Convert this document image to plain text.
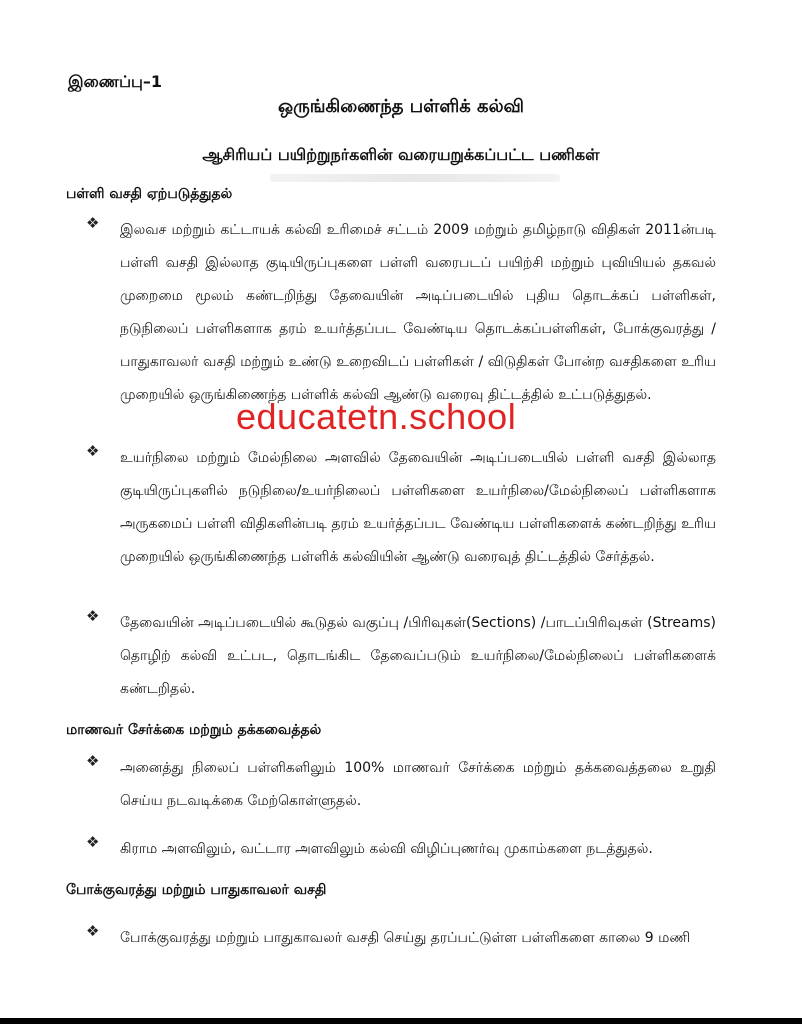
இணைப்பு–1
ஒருங்கிணைந்த பள்ளிக் கல்வி
ஆசிரியப் பயிற்றுநர்களின் வரையறுக்கப்பட்ட பணிகள்
பள்ளி வசதி ஏற்படுத்துதல்
❖ இலவச மற்றும் கட்டாயக் கல்வி உரிமைச் சட்டம் 2009 மற்றும் தமிழ்நாடு விதிகள் 2011ன்படி பள்ளி வசதி இல்லாத குடியிருப்புகளை பள்ளி வரைபடப் பயிற்சி மற்றும் புவியியல் தகவல் முறைமை மூலம் கண்டறிந்து தேவையின் அடிப்படையில் புதிய தொடக்கப் பள்ளிகள், நடுநிலைப் பள்ளிகளாக தரம் உயர்த்தப்பட வேண்டிய தொடக்கப்பள்ளிகள், போக்குவரத்து / பாதுகாவலர் வசதி மற்றும் உண்டு உறைவிடப் பள்ளிகள் / விடுதிகள் போன்ற வசதிகளை உரிய முறையில் ஒருங்கிணைந்த பள்ளிக் கல்வி ஆண்டு வரைவு திட்டத்தில் உட்படுத்துதல்.
❖ உயர்நிலை மற்றும் மேல்நிலை அளவில் தேவையின் அடிப்படையில் பள்ளி வசதி இல்லாத குடியிருப்புகளில் நடுநிலை/உயர்நிலைப் பள்ளிகளை உயர்நிலை/மேல்நிலைப் பள்ளிகளாக அருகமைப் பள்ளி விதிகளின்படி தரம் உயர்த்தப்பட வேண்டிய பள்ளிகளைக் கண்டறிந்து உரிய முறையில் ஒருங்கிணைந்த பள்ளிக் கல்வியின் ஆண்டு வரைவுத் திட்டத்தில் சேர்த்தல்.
❖ தேவையின் அடிப்படையில் கூடுதல் வகுப்பு /பிரிவுகள்(Sections) /பாடப்பிரிவுகள் (Streams) தொழிற் கல்வி உட்பட, தொடங்கிட தேவைப்படும் உயர்நிலை/மேல்நிலைப் பள்ளிகளைக் கண்டறிதல்.
மாணவர் சேர்க்கை மற்றும் தக்கவைத்தல்
❖ அனைத்து நிலைப் பள்ளிகளிலும் 100% மாணவர் சேர்க்கை மற்றும் தக்கவைத்தலை உறுதி செய்ய நடவடிக்கை மேற்கொள்ளுதல்.
❖ கிராம அளவிலும், வட்டார அளவிலும் கல்வி விழிப்புணர்வு முகாம்களை நடத்துதல்.
போக்குவரத்து மற்றும் பாதுகாவலர் வசதி
❖ போக்குவரத்து மற்றும் பாதுகாவலர் வசதி செய்து தரப்பட்டுள்ள பள்ளிகளை காலை 9 மணி
educatetn.school
